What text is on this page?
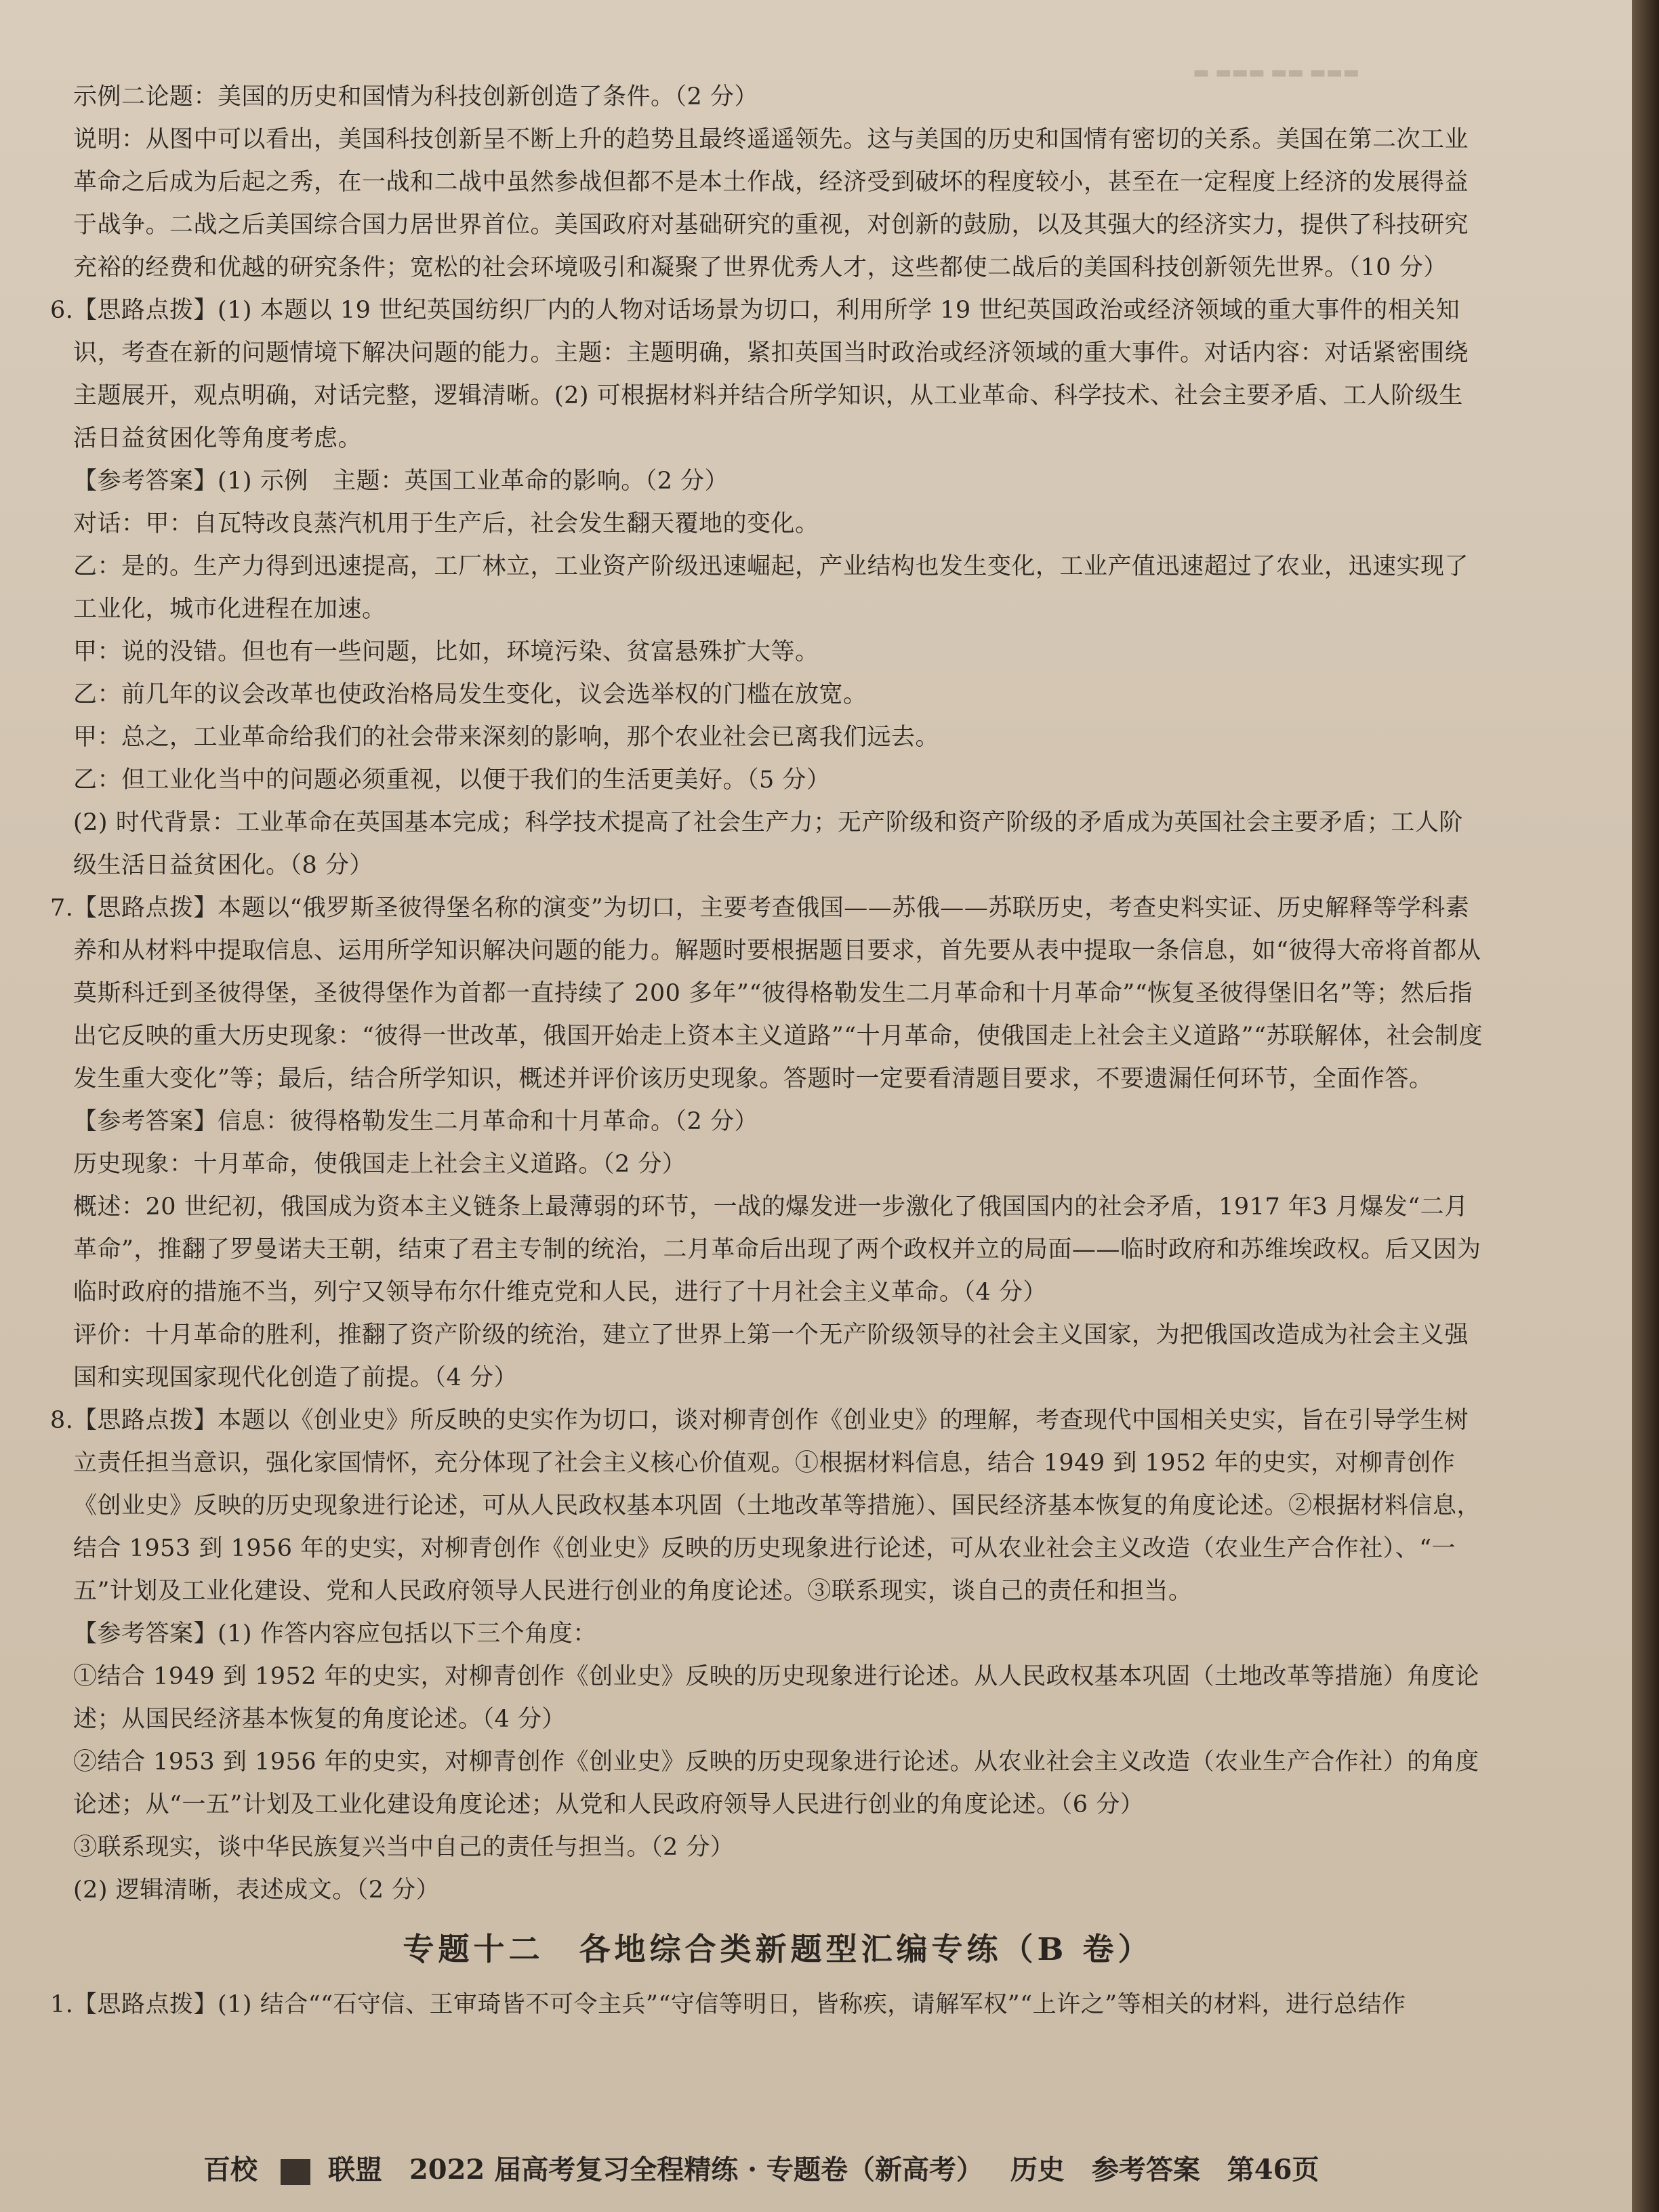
▬ ▬▬▬ ▬▬ ▬▬▬

示例二论题：美国的历史和国情为科技创新创造了条件。（2 分）

说明：从图中可以看出，美国科技创新呈不断上升的趋势且最终遥遥领先。这与美国的历史和国情有密切的关系。美国在第二次工业革命之后成为后起之秀，在一战和二战中虽然参战但都不是本土作战，经济受到破坏的程度较小，甚至在一定程度上经济的发展得益于战争。二战之后美国综合国力居世界首位。美国政府对基础研究的重视，对创新的鼓励，以及其强大的经济实力，提供了科技研究充裕的经费和优越的研究条件；宽松的社会环境吸引和凝聚了世界优秀人才，这些都使二战后的美国科技创新领先世界。（10 分）

6.【思路点拨】(1) 本题以 19 世纪英国纺织厂内的人物对话场景为切口，利用所学 19 世纪英国政治或经济领域的重大事件的相关知识，考查在新的问题情境下解决问题的能力。主题：主题明确，紧扣英国当时政治或经济领域的重大事件。对话内容：对话紧密围绕主题展开，观点明确，对话完整，逻辑清晰。(2) 可根据材料并结合所学知识，从工业革命、科学技术、社会主要矛盾、工人阶级生活日益贫困化等角度考虑。

【参考答案】(1) 示例　主题：英国工业革命的影响。（2 分）

对话：甲：自瓦特改良蒸汽机用于生产后，社会发生翻天覆地的变化。

乙：是的。生产力得到迅速提高，工厂林立，工业资产阶级迅速崛起，产业结构也发生变化，工业产值迅速超过了农业，迅速实现了工业化，城市化进程在加速。

甲：说的没错。但也有一些问题，比如，环境污染、贫富悬殊扩大等。

乙：前几年的议会改革也使政治格局发生变化，议会选举权的门槛在放宽。

甲：总之，工业革命给我们的社会带来深刻的影响，那个农业社会已离我们远去。

乙：但工业化当中的问题必须重视，以便于我们的生活更美好。（5 分）

(2) 时代背景：工业革命在英国基本完成；科学技术提高了社会生产力；无产阶级和资产阶级的矛盾成为英国社会主要矛盾；工人阶级生活日益贫困化。（8 分）

7.【思路点拨】本题以“俄罗斯圣彼得堡名称的演变”为切口，主要考查俄国——苏俄——苏联历史，考查史料实证、历史解释等学科素养和从材料中提取信息、运用所学知识解决问题的能力。解题时要根据题目要求，首先要从表中提取一条信息，如“彼得大帝将首都从莫斯科迁到圣彼得堡，圣彼得堡作为首都一直持续了 200 多年”“彼得格勒发生二月革命和十月革命”“恢复圣彼得堡旧名”等；然后指出它反映的重大历史现象：“彼得一世改革，俄国开始走上资本主义道路”“十月革命，使俄国走上社会主义道路”“苏联解体，社会制度发生重大变化”等；最后，结合所学知识，概述并评价该历史现象。答题时一定要看清题目要求，不要遗漏任何环节，全面作答。

【参考答案】信息：彼得格勒发生二月革命和十月革命。（2 分）

历史现象：十月革命，使俄国走上社会主义道路。（2 分）

概述：20 世纪初，俄国成为资本主义链条上最薄弱的环节，一战的爆发进一步激化了俄国国内的社会矛盾，1917 年3 月爆发“二月革命”，推翻了罗曼诺夫王朝，结束了君主专制的统治，二月革命后出现了两个政权并立的局面——临时政府和苏维埃政权。后又因为临时政府的措施不当，列宁又领导布尔什维克党和人民，进行了十月社会主义革命。（4 分）

评价：十月革命的胜利，推翻了资产阶级的统治，建立了世界上第一个无产阶级领导的社会主义国家，为把俄国改造成为社会主义强国和实现国家现代化创造了前提。（4 分）

8.【思路点拨】本题以《创业史》所反映的史实作为切口，谈对柳青创作《创业史》的理解，考查现代中国相关史实，旨在引导学生树立责任担当意识，强化家国情怀，充分体现了社会主义核心价值观。①根据材料信息，结合 1949 到 1952 年的史实，对柳青创作《创业史》反映的历史现象进行论述，可从人民政权基本巩固（土地改革等措施）、国民经济基本恢复的角度论述。②根据材料信息，结合 1953 到 1956 年的史实，对柳青创作《创业史》反映的历史现象进行论述，可从农业社会主义改造（农业生产合作社）、“一五”计划及工业化建设、党和人民政府领导人民进行创业的角度论述。③联系现实，谈自己的责任和担当。

【参考答案】(1) 作答内容应包括以下三个角度：

①结合 1949 到 1952 年的史实，对柳青创作《创业史》反映的历史现象进行论述。从人民政权基本巩固（土地改革等措施）角度论述；从国民经济基本恢复的角度论述。（4 分）

②结合 1953 到 1956 年的史实，对柳青创作《创业史》反映的历史现象进行论述。从农业社会主义改造（农业生产合作社）的角度论述；从“一五”计划及工业化建设角度论述；从党和人民政府领导人民进行创业的角度论述。（6 分）

③联系现实，谈中华民族复兴当中自己的责任与担当。（2 分）

(2) 逻辑清晰，表述成文。（2 分）

专题十二　各地综合类新题型汇编专练（B 卷）

1.【思路点拨】(1) 结合““石守信、王审琦皆不可令主兵”“守信等明日，皆称疾，请解军权”“上许之”等相关的材料，进行总结作

百校	联盟 2022 届高考复习全程精练 · 专题卷（新高考） 历史 参考答案 第46页
